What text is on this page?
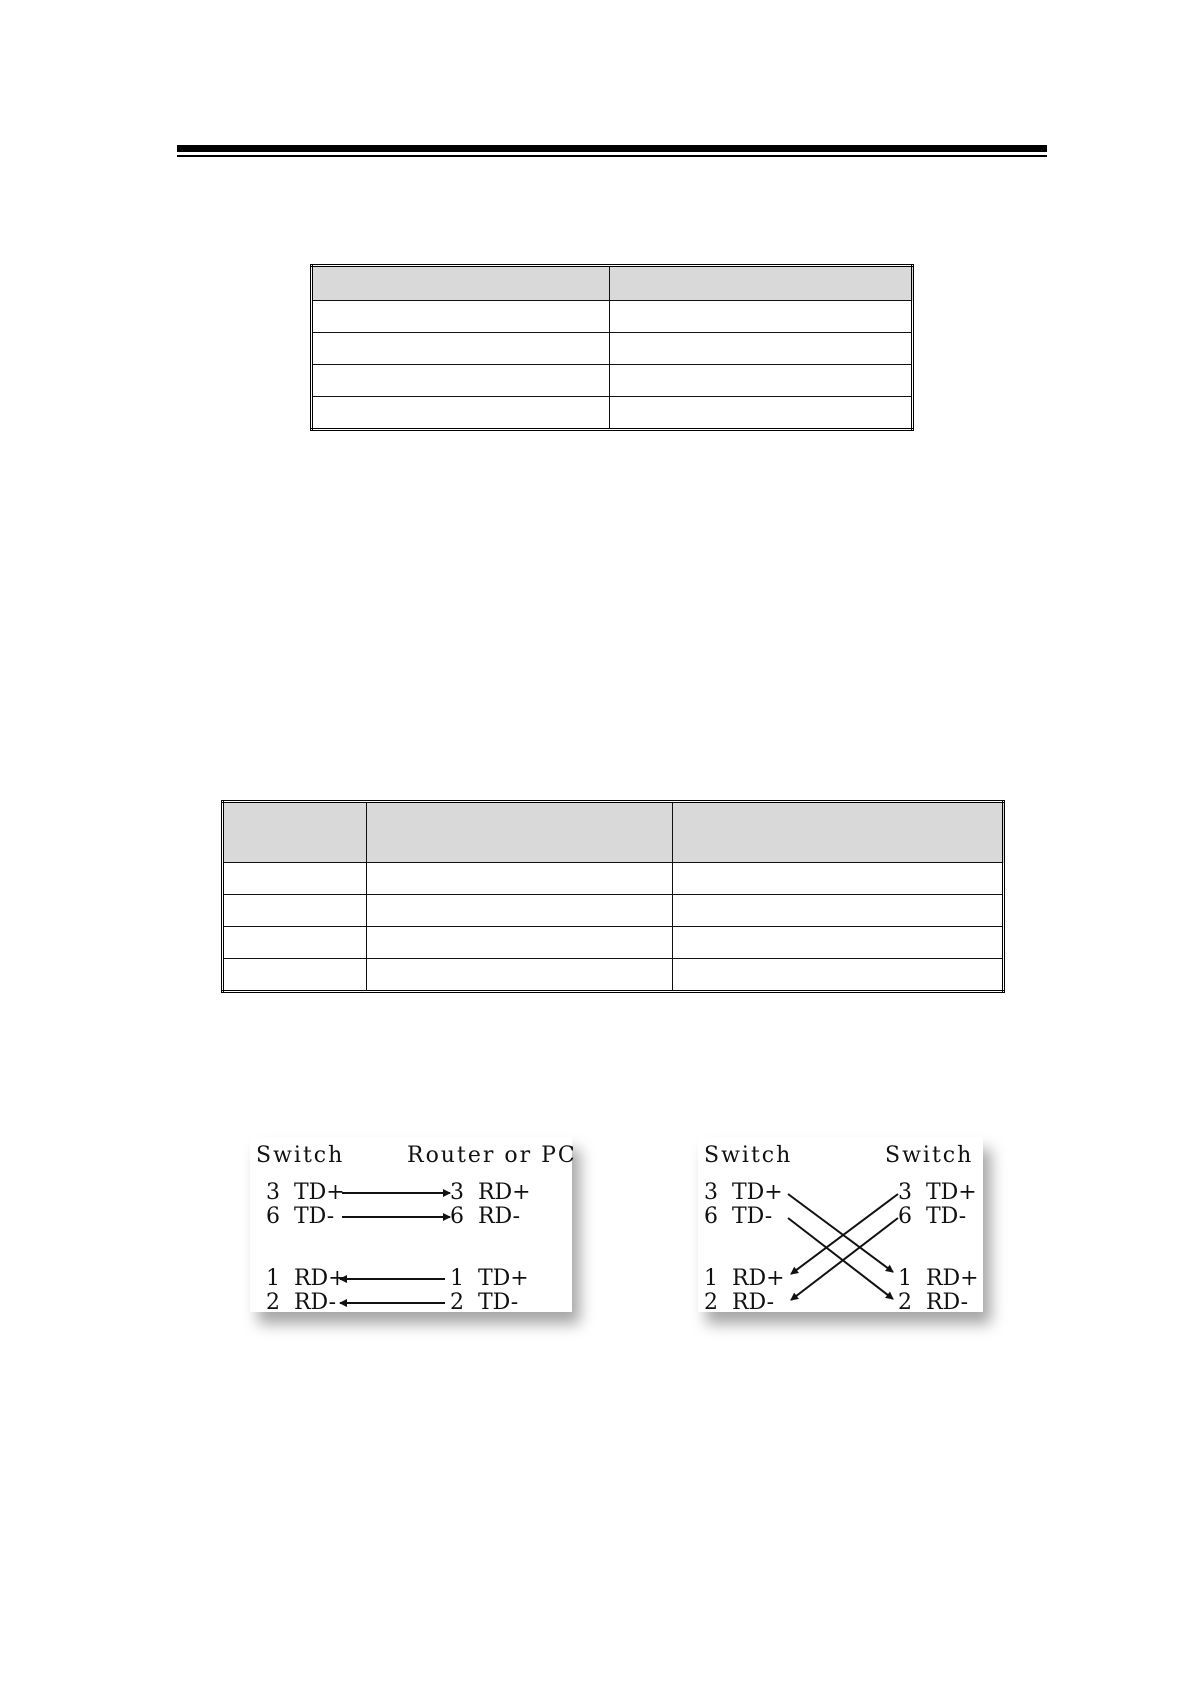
Switch	Router or PC
3  TD+
6  TD-
1  RD+
2  RD-
3  RD+
6  RD-
1  TD+
2  TD-
Switch	Switch
3  TD+
6  TD-
1  RD+
2  RD-
3  TD+
6  TD-
1  RD+
2  RD-
